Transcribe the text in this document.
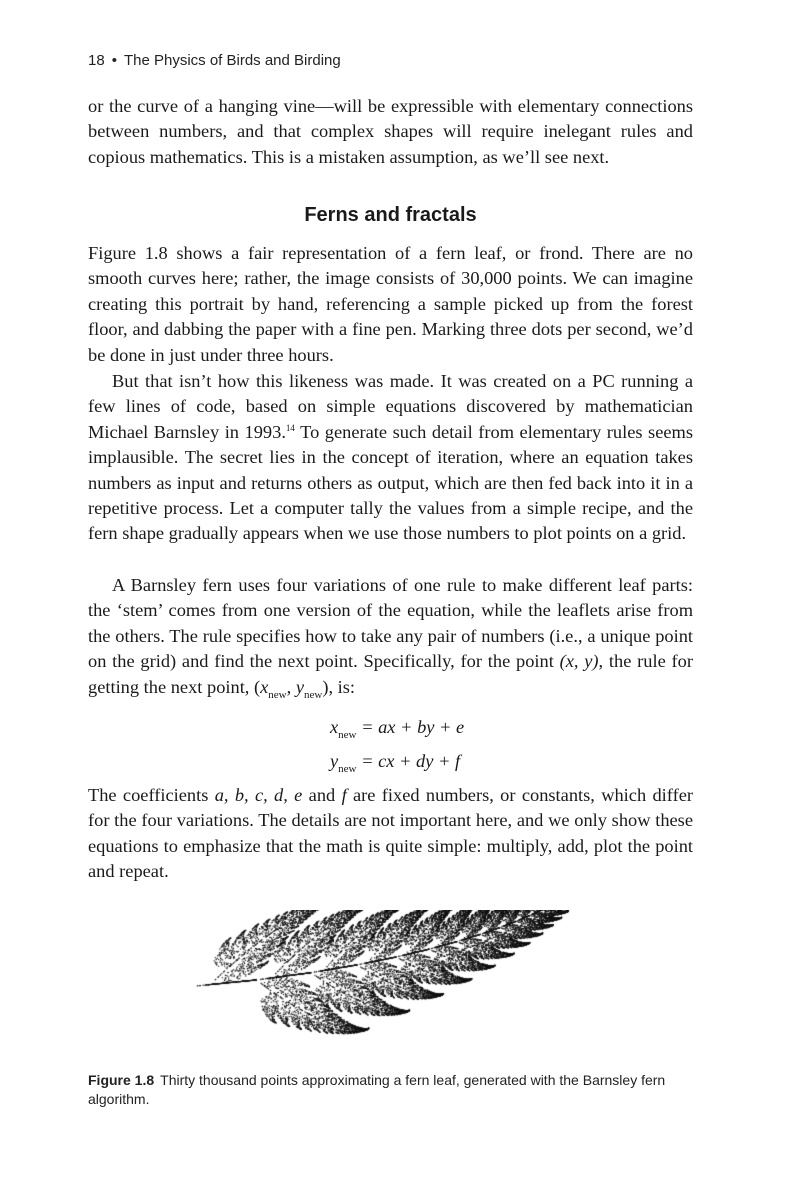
18 • The Physics of Birds and Birding

or the curve of a hanging vine—will be expressible with elementary connections between numbers, and that complex shapes will require inelegant rules and copious mathematics. This is a mistaken assumption, as we’ll see next.

Ferns and fractals

Figure 1.8 shows a fair representation of a fern leaf, or frond. There are no smooth curves here; rather, the image consists of 30,000 points. We can imagine creating this portrait by hand, referencing a sample picked up from the forest floor, and dabbing the paper with a fine pen. Marking three dots per second, we’d be done in just under three hours.

But that isn’t how this likeness was made. It was created on a PC running a few lines of code, based on simple equations discovered by mathematician Michael Barnsley in 1993.14 To generate such detail from elementary rules seems implausible. The secret lies in the concept of iteration, where an equation takes numbers as input and returns others as output, which are then fed back into it in a repetitive process. Let a computer tally the values from a simple recipe, and the fern shape gradually appears when we use those numbers to plot points on a grid.

A Barnsley fern uses four variations of one rule to make different leaf parts: the ‘stem’ comes from one version of the equation, while the leaflets arise from the others. The rule specifies how to take any pair of numbers (i.e., a unique point on the grid) and find the next point. Specifically, for the point (x, y), the rule for getting the next point, ($x_{new}$, $y_{new}$), is:

$x_{new}$ = ax + by + e
$y_{new}$ = cx + dy + f

The coefficients a, b, c, d, e and f are fixed numbers, or constants, which differ for the four variations. The details are not important here, and we only show these equations to emphasize that the math is quite simple: multiply, add, plot the point and repeat.

Figure 1.8 Thirty thousand points approximating a fern leaf, generated with the Barnsley fern algorithm.
